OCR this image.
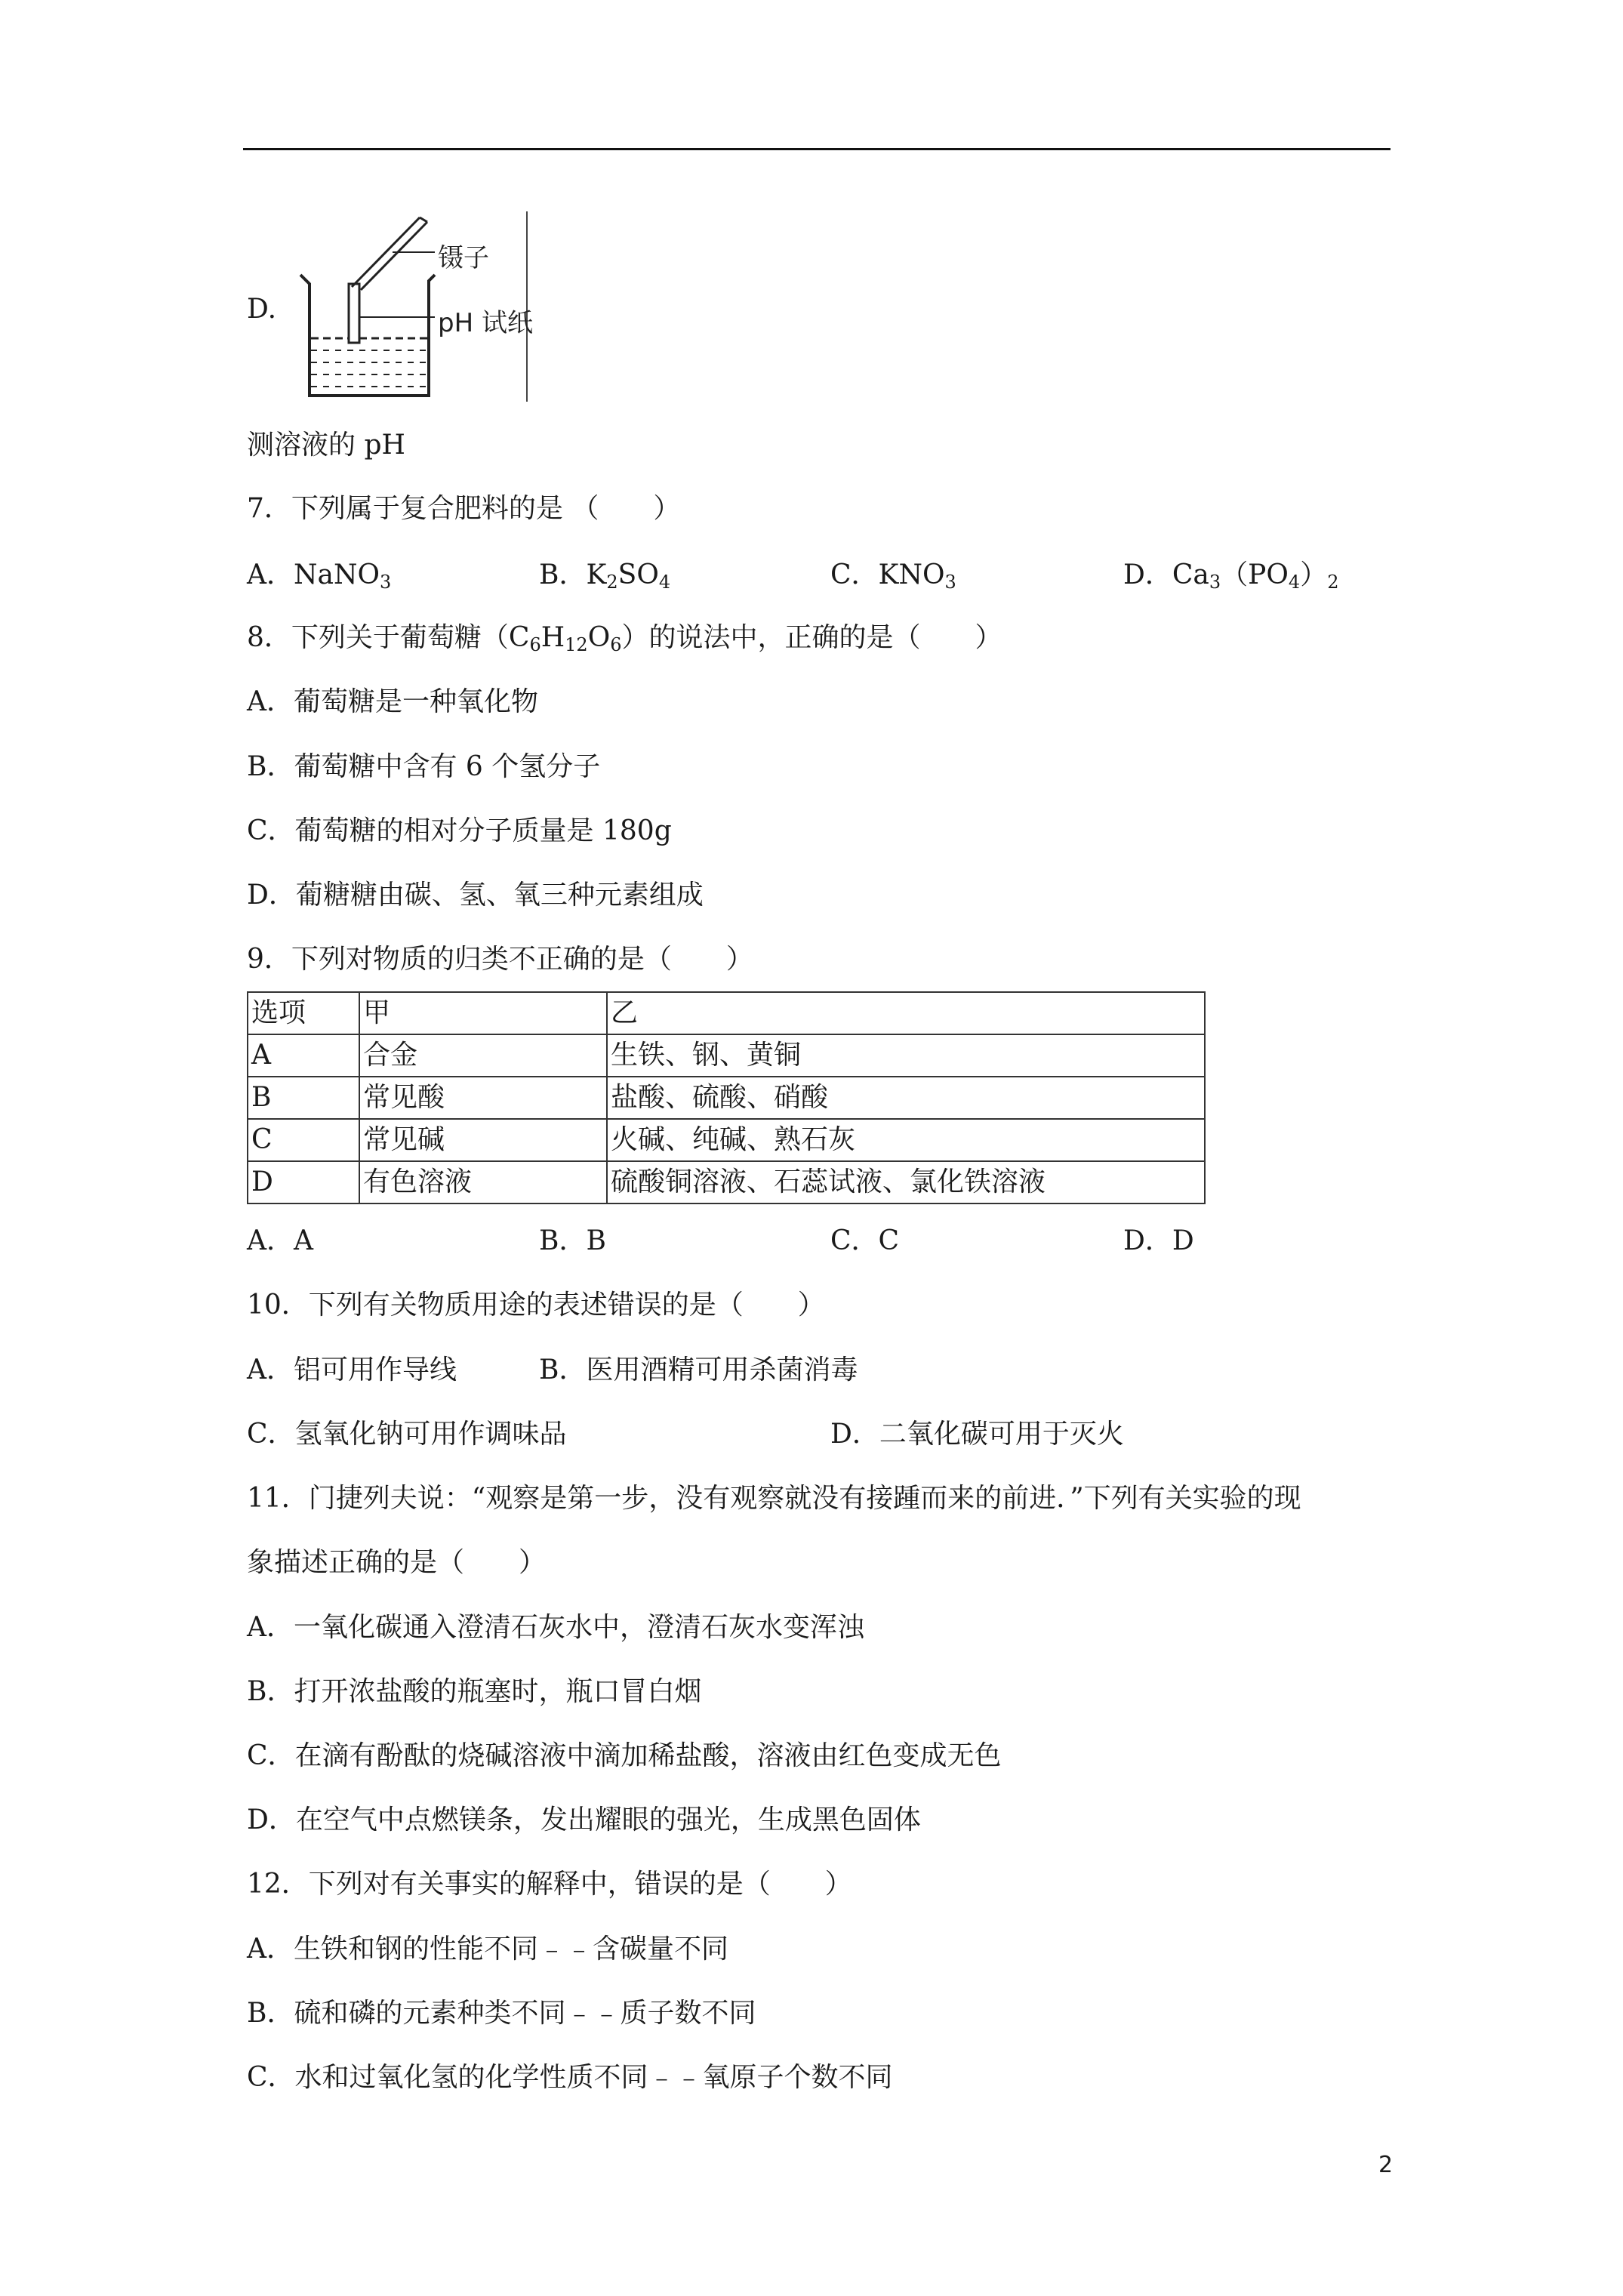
D.
镊子
pH 试纸
测溶液的 pH
7．下列属于复合肥料的是 （　　）
A．NaNO$_3$	B．$K_2SO_4$	C．$KNO_3$	D．$Ca_3(PO_4)_2$
8．下列关于葡萄糖$(C_6H_{12}O_6)$的说法中，正确的是（　　）
A．葡萄糖是一种氧化物
B．葡萄糖中含有 6 个氢分子
C．葡萄糖的相对分子质量是 180g
D．葡糖糖由碳、氢、氧三种元素组成
9．下列对物质的归类不正确的是（　　）
选项	甲	乙
A	合金	生铁、钢、黄铜
B	常见酸	盐酸、硫酸、硝酸
C	常见碱	火碱、纯碱、熟石灰
D	有色溶液	硫酸铜溶液、石蕊试液、氯化铁溶液
A．A	B．B	C．C	D．D
10．下列有关物质用途的表述错误的是（　　）
A．铝可用作导线	B．医用酒精可用杀菌消毒
C．氢氧化钠可用作调味品	D．二氧化碳可用于灭火
11．门捷列夫说：“观察是第一步，没有观察就没有接踵而来的前进．”下列有关实验的现
象描述正确的是（　　）
A．一氧化碳通入澄清石灰水中，澄清石灰水变浑浊
B．打开浓盐酸的瓶塞时，瓶口冒白烟
C．在滴有酚酞的烧碱溶液中滴加稀盐酸，溶液由红色变成无色
D．在空气中点燃镁条，发出耀眼的强光，生成黑色固体
12．下列对有关事实的解释中，错误的是（　　）
A．生铁和钢的性能不同﹣﹣含碳量不同
B．硫和磷的元素种类不同﹣﹣质子数不同
C．水和过氧化氢的化学性质不同﹣﹣氧原子个数不同
2
